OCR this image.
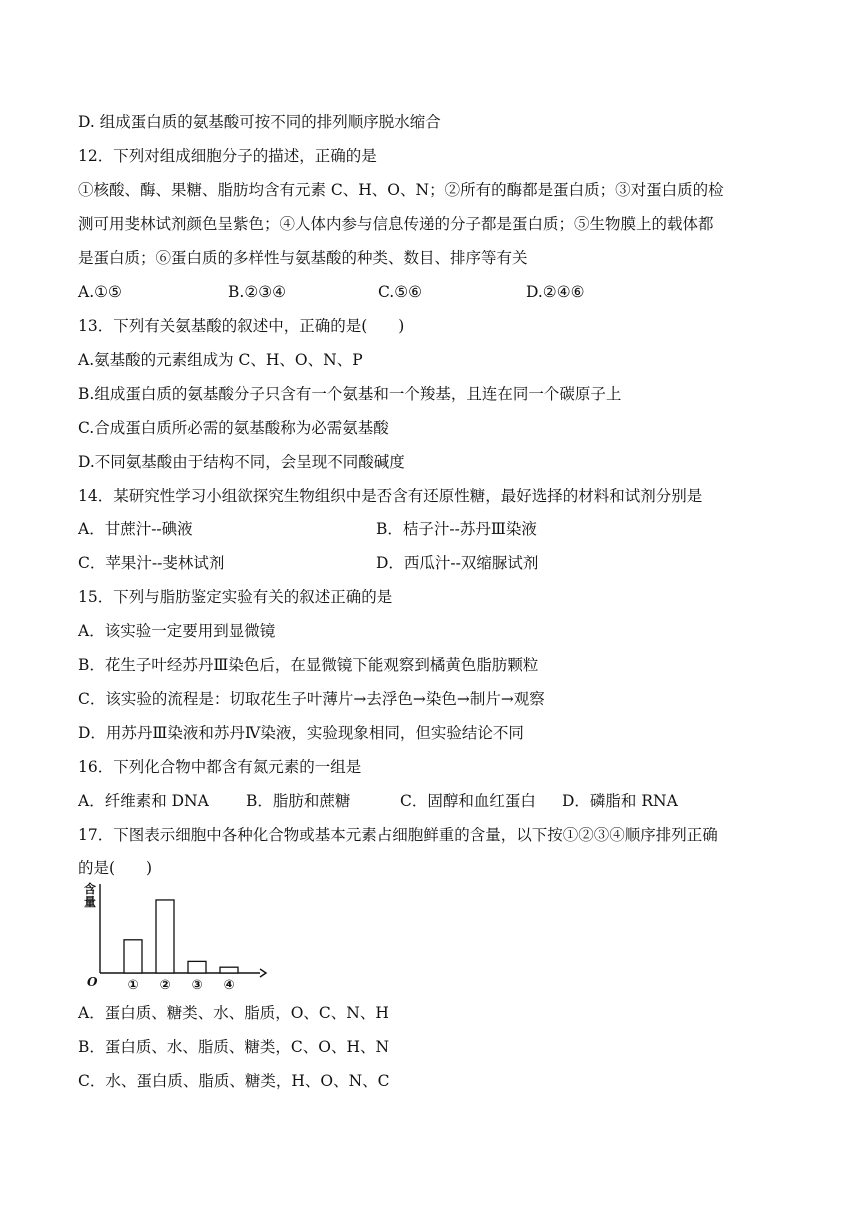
D. 组成蛋白质的氨基酸可按不同的排列顺序脱水缩合
12．下列对组成细胞分子的描述，正确的是
①核酸、酶、果糖、脂肪均含有元素 C、H、O、N；②所有的酶都是蛋白质；③对蛋白质的检
测可用斐林试剂颜色呈紫色；④人体内参与信息传递的分子都是蛋白质；⑤生物膜上的载体都
是蛋白质；⑥蛋白质的多样性与氨基酸的种类、数目、排序等有关
A.①⑤	B.②③④	C.⑤⑥	D.②④⑥
13．下列有关氨基酸的叙述中，正确的是(　　)
A.氨基酸的元素组成为 C、H、O、N、P
B.组成蛋白质的氨基酸分子只含有一个氨基和一个羧基，且连在同一个碳原子上
C.合成蛋白质所必需的氨基酸称为必需氨基酸
D.不同氨基酸由于结构不同，会呈现不同酸碱度
14．某研究性学习小组欲探究生物组织中是否含有还原性糖，最好选择的材料和试剂分别是
A．甘蔗汁--碘液	B．桔子汁--苏丹Ⅲ染液
C．苹果汁--斐林试剂	D．西瓜汁--双缩脲试剂
15．下列与脂肪鉴定实验有关的叙述正确的是
A．该实验一定要用到显微镜
B．花生子叶经苏丹Ⅲ染色后，在显微镜下能观察到橘黄色脂肪颗粒
C．该实验的流程是：切取花生子叶薄片→去浮色→染色→制片→观察
D．用苏丹Ⅲ染液和苏丹Ⅳ染液，实验现象相同，但实验结论不同
16．下列化合物中都含有氮元素的一组是
A．纤维素和 DNA B．脂肪和蔗糖	C．固醇和血红蛋白 D．磷脂和 RNA
17．下图表示细胞中各种化合物或基本元素占细胞鲜重的含量，以下按①②③④顺序排列正确
的是(　　)
含
量
O ① ② ③ ④
A．蛋白质、糖类、水、脂质，O、C、N、H
B．蛋白质、水、脂质、糖类，C、O、H、N
C．水、蛋白质、脂质、糖类，H、O、N、C
